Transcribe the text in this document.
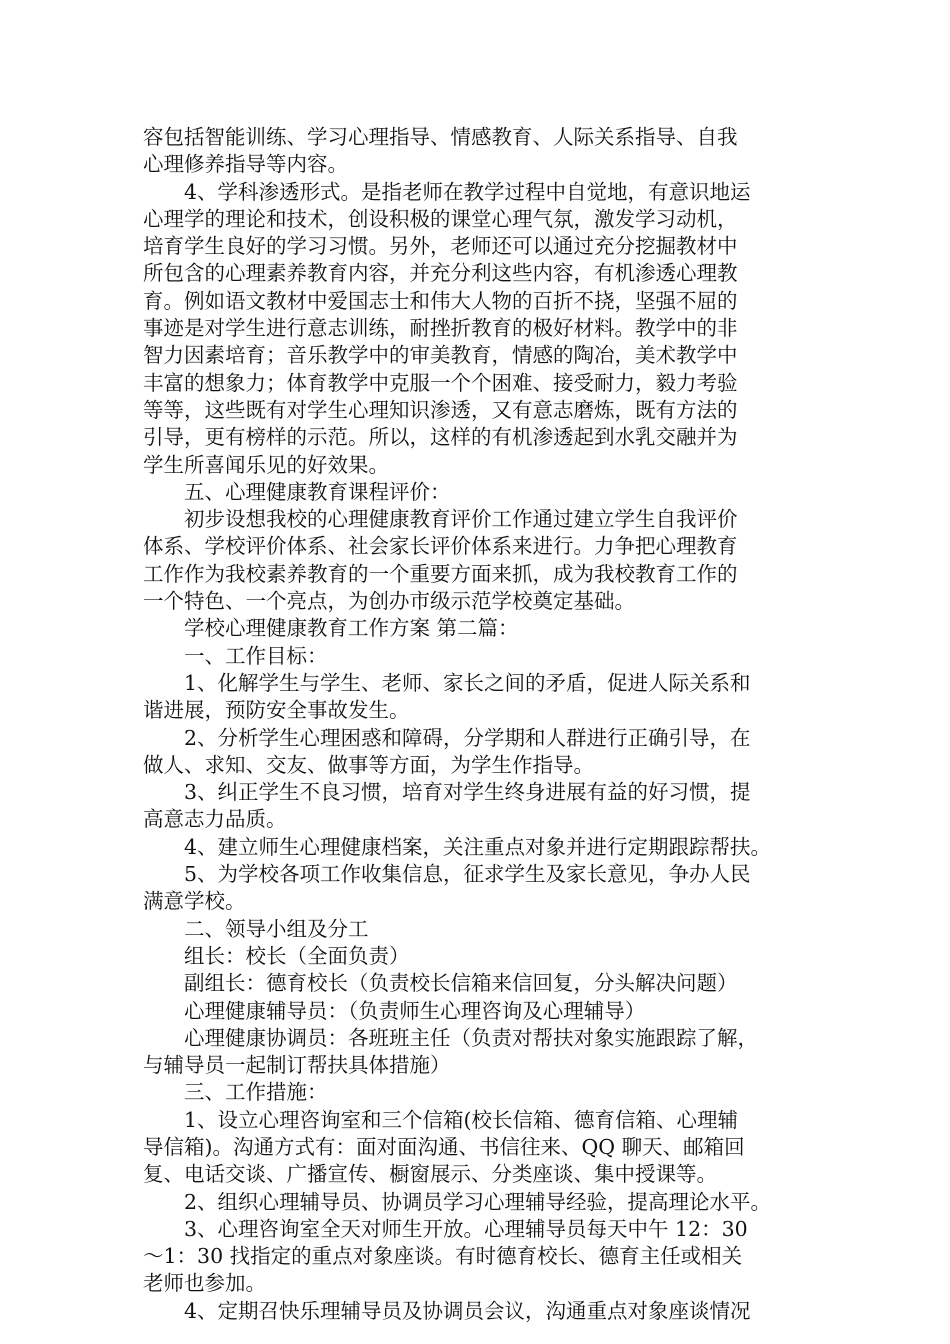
容包括智能训练、学习心理指导、情感教育、人际关系指导、自我
心理修养指导等内容。
　　4、学科渗透形式。是指老师在教学过程中自觉地，有意识地运
心理学的理论和技术，创设积极的课堂心理气氛，激发学习动机，
培育学生良好的学习习惯。另外，老师还可以通过充分挖掘教材中
所包含的心理素养教育内容，并充分利这些内容，有机渗透心理教
育。例如语文教材中爱国志士和伟大人物的百折不挠，坚强不屈的
事迹是对学生进行意志训练，耐挫折教育的极好材料。教学中的非
智力因素培育；音乐教学中的审美教育，情感的陶冶，美术教学中
丰富的想象力；体育教学中克服一个个困难、接受耐力，毅力考验
等等，这些既有对学生心理知识渗透，又有意志磨炼，既有方法的
引导，更有榜样的示范。所以，这样的有机渗透起到水乳交融并为
学生所喜闻乐见的好效果。
　　五、心理健康教育课程评价：
　　初步设想我校的心理健康教育评价工作通过建立学生自我评价
体系、学校评价体系、社会家长评价体系来进行。力争把心理教育
工作作为我校素养教育的一个重要方面来抓，成为我校教育工作的
一个特色、一个亮点，为创办市级示范学校奠定基础。
　　学校心理健康教育工作方案 第二篇：
　　一、工作目标：
　　1、化解学生与学生、老师、家长之间的矛盾，促进人际关系和
谐进展，预防安全事故发生。
　　2、分析学生心理困惑和障碍，分学期和人群进行正确引导，在
做人、求知、交友、做事等方面，为学生作指导。
　　3、纠正学生不良习惯，培育对学生终身进展有益的好习惯，提
高意志力品质。
　　4、建立师生心理健康档案，关注重点对象并进行定期跟踪帮扶。
　　5、为学校各项工作收集信息，征求学生及家长意见，争办人民
满意学校。
　　二、领导小组及分工
　　组长：校长（全面负责）
　　副组长：德育校长（负责校长信箱来信回复，分头解决问题）
　　心理健康辅导员：（负责师生心理咨询及心理辅导）
　　心理健康协调员：各班班主任（负责对帮扶对象实施跟踪了解，
与辅导员一起制订帮扶具体措施）
　　三、工作措施：
　　1、设立心理咨询室和三个信箱(校长信箱、德育信箱、心理辅
导信箱)。沟通方式有：面对面沟通、书信往来、QQ 聊天、邮箱回
复、电话交谈、广播宣传、橱窗展示、分类座谈、集中授课等。
　　2、组织心理辅导员、协调员学习心理辅导经验，提高理论水平。
　　3、心理咨询室全天对师生开放。心理辅导员每天中午 12：30
～1：30 找指定的重点对象座谈。有时德育校长、德育主任或相关
老师也参加。
　　4、定期召快乐理辅导员及协调员会议，沟通重点对象座谈情况
